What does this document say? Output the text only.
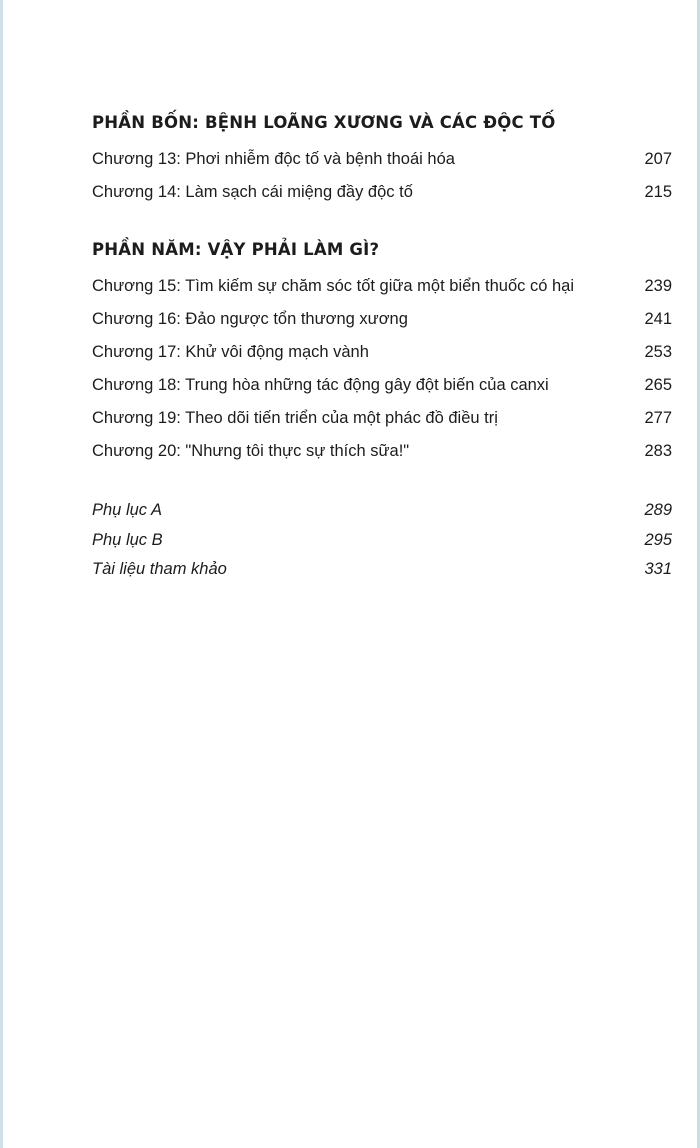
PHẦN BỐN: BỆNH LOÃNG XƯƠNG VÀ CÁC ĐỘC TỐ
Chương 13: Phơi nhiễm độc tố và bệnh thoái hóa	207
Chương 14: Làm sạch cái miệng đầy độc tố	215
PHẦN NĂM: VẬY PHẢI LÀM GÌ?
Chương 15: Tìm kiếm sự chăm sóc tốt giữa một biển thuốc có hại	239
Chương 16: Đảo ngược tổn thương xương	241
Chương 17: Khử vôi động mạch vành	253
Chương 18: Trung hòa những tác động gây đột biến của canxi	265
Chương 19: Theo dõi tiến triển của một phác đồ điều trị	277
Chương 20: "Nhưng tôi thực sự thích sữa!"	283
Phụ lục A	289
Phụ lục B	295
Tài liệu tham khảo	331
